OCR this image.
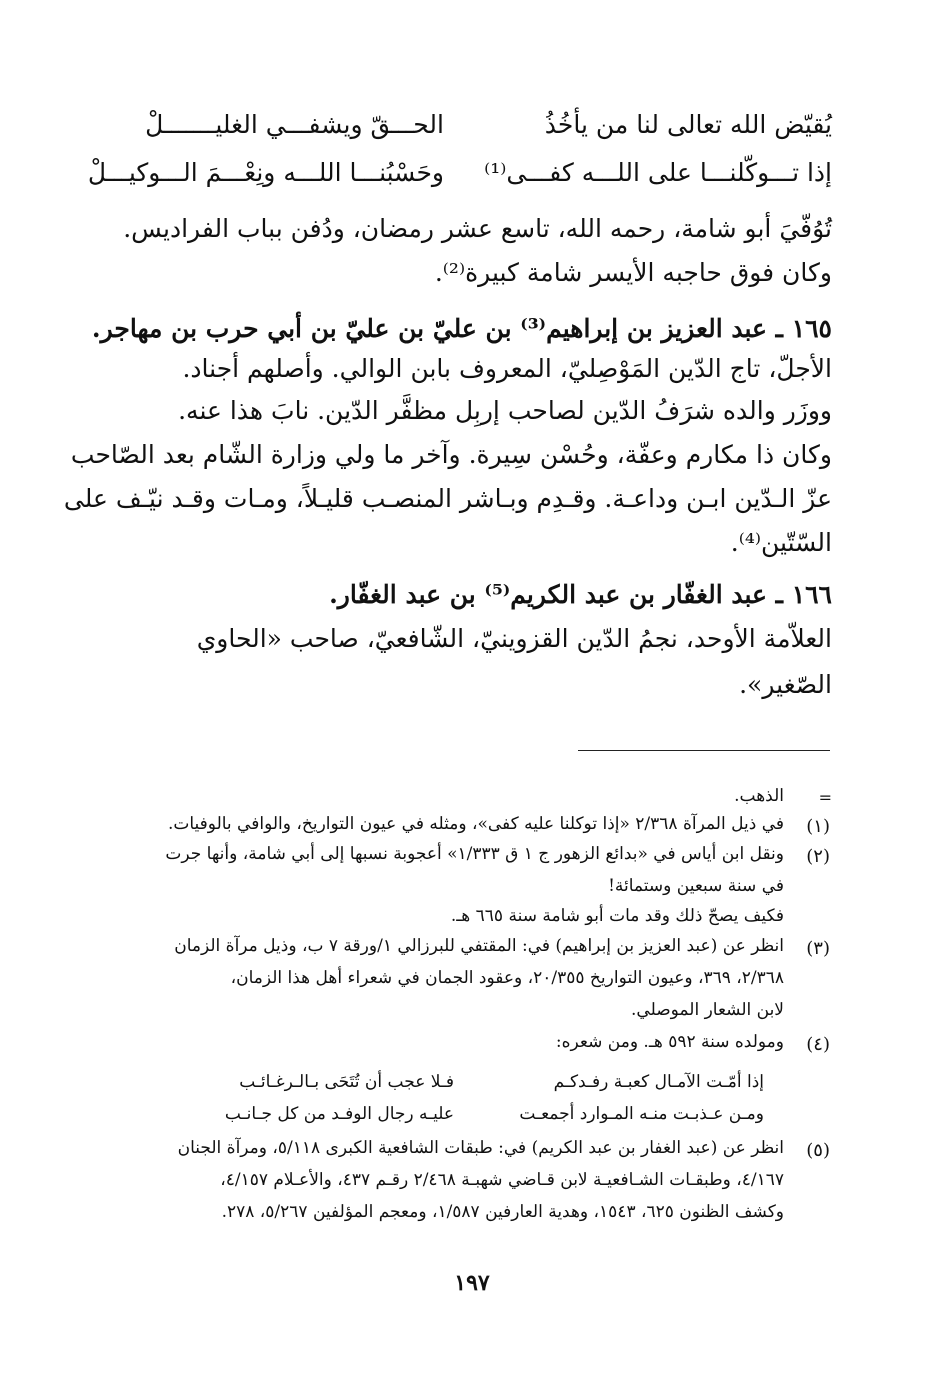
يُقيّض الله تعالى لنا من يأخُذُ
الحـــقّ ويشفـــي الغليـــــــلْ
إذا تـــوكّلنـــا على اللـــه كفـــى⁽¹⁾
وحَسْبُنـــا اللـــه ونِعْـــمَ الـــوكيـــلْ
تُوُفّيَ أبو شامة، رحمه الله، تاسع عشر رمضان، ودُفن بباب الفراديس.
وكان فوق حاجبه الأيسر شامة كبيرة⁽²⁾.
١٦٥ ـ عبد العزيز بن إبراهيم⁽³⁾ بن عليّ بن عليّ بن أبي حرب بن مهاجر.
الأجلّ، تاج الدّين المَوْصِليّ، المعروف بابن الوالي. وأصلهم أجناد.
ووزَر والده شرَفُ الدّين لصاحب إربِل مظفَّر الدّين. نابَ هذا عنه.
وكان ذا مكارم وعفّة، وحُسْن سِيرة. وآخر ما ولي وزارة الشّام بعد الصّاحب
عزّ الـدّين ابـن وداعـة. وقـدِم وبـاشر المنصـب قليـلاً، ومـات وقـد نيّـف على
السّتّين⁽⁴⁾.
١٦٦ ـ عبد الغفّار بن عبد الكريم⁽⁵⁾ بن عبد الغفّار.
العلاّمة الأوحد، نجمُ الدّين القزوينيّ، الشّافعيّ، صاحب «الحاوي
الصّغير».
=
الذهب.
(١)
في ذيل المرآة ٢/٣٦٨ «إذا توكلنا عليه كفى»، ومثله في عيون التواريخ، والوافي بالوفيات.
(٢)
ونقل ابن أياس في «بدائع الزهور ج ١ ق ١/٣٣٣» أعجوبة نسبها إلى أبي شامة، وأنها جرت
في سنة سبعين وستمائة!
فكيف يصحّ ذلك وقد مات أبو شامة سنة ٦٦٥ هـ.
(٣)
انظر عن (عبد العزيز بن إبراهيم) في: المقتفي للبرزالي ١/ورقة ٧ ب، وذيل مرآة الزمان
٢/٣٦٨، ٣٦٩، وعيون التواريخ ٢٠/٣٥٥، وعقود الجمان في شعراء أهل هذا الزمان،
لابن الشعار الموصلي.
(٤)
ومولده سنة ٥٩٢ هـ. ومن شعره:
إذا أمّـت الآمـال كعبـة رفـدكـم
فـلا عجب أن تُتَحَى بـالـرغـائـب
ومـن عـذبـت منـه المـوارد أجمعـت
عليـه رجال الوفـد من كل جـانـب
(٥)
انظر عن (عبد الغفار بن عبد الكريم) في: طبقات الشافعية الكبرى ٥/١١٨، ومرآة الجنان
٤/١٦٧، وطبقـات الشـافعيـة لابن قـاضي شهبـة ٢/٤٦٨ رقـم ٤٣٧، والأعـلام ٤/١٥٧،
وكشف الظنون ٦٢٥، ١٥٤٣، وهدية العارفين ١/٥٨٧، ومعجم المؤلفين ٥/٢٦٧، ٢٧٨.
١٩٧
